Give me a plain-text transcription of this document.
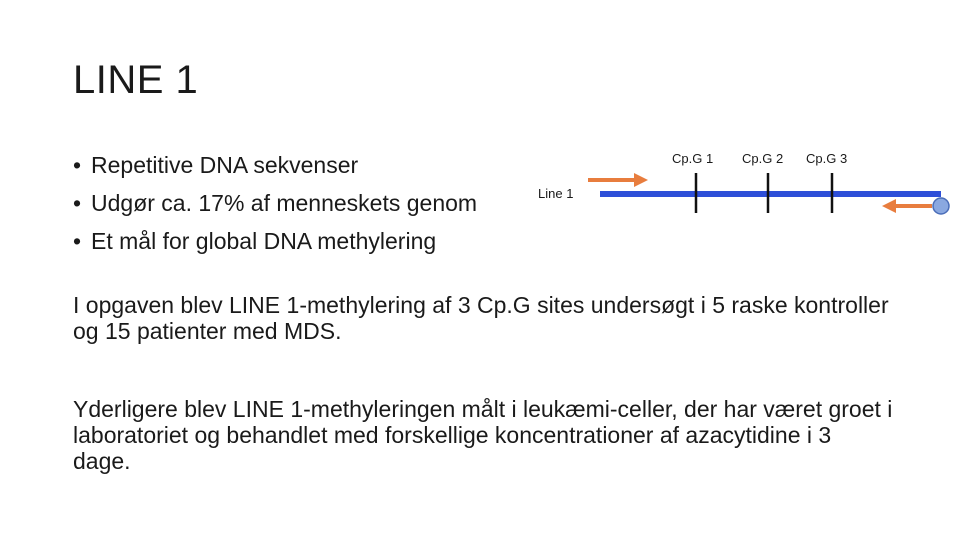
LINE 1
• Repetitive DNA sekvenser
• Udgør ca. 17% af menneskets genom
• Et mål for global DNA methylering
Line 1
Cp.G 1 Cp.G 2 Cp.G 3

I opgaven blev LINE 1-methylering af 3 Cp.G sites undersøgt i 5 raske kontroller og 15 patienter med MDS.

Yderligere blev LINE 1-methyleringen målt i leukæmi-celler, der har været groet i laboratoriet og behandlet med forskellige koncentrationer af azacytidine i 3 dage.
